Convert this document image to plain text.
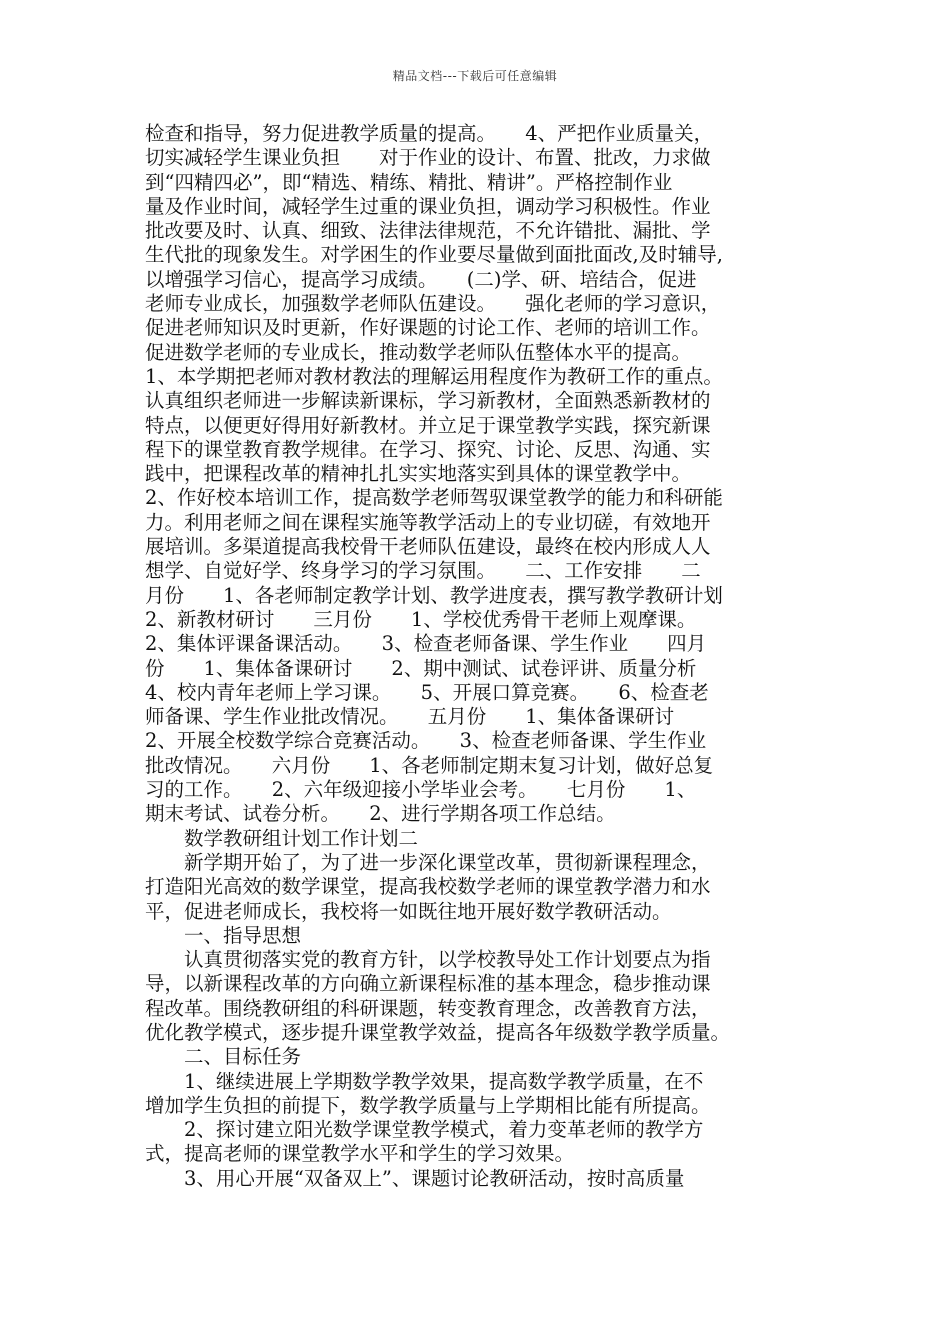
精品文档---下载后可任意编辑
检查和指导，努力促进教学质量的提高。　　4、严把作业质量关，
切实减轻学生课业负担　　对于作业的设计、布置、批改，力求做
到“四精四必”，即“精选、精练、精批、精讲”。严格控制作业
量及作业时间，减轻学生过重的课业负担，调动学习积极性。作业
批改要及时、认真、细致、法律法律规范，不允许错批、漏批、学
生代批的现象发生。对学困生的作业要尽量做到面批面改,及时辅导,
以增强学习信心，提高学习成绩。　　(二)学、研、培结合，促进
老师专业成长，加强数学老师队伍建设。　　强化老师的学习意识，
促进老师知识及时更新，作好课题的讨论工作、老师的培训工作。
促进数学老师的专业成长，推动数学老师队伍整体水平的提高。
1、本学期把老师对教材教法的理解运用程度作为教研工作的重点。
认真组织老师进一步解读新课标，学习新教材，全面熟悉新教材的
特点，以便更好得用好新教材。并立足于课堂教学实践，探究新课
程下的课堂教育教学规律。在学习、探究、讨论、反思、沟通、实
践中，把课程改革的精神扎扎实实地落实到具体的课堂教学中。
2、作好校本培训工作，提高数学老师驾驭课堂教学的能力和科研能
力。利用老师之间在课程实施等教学活动上的专业切磋，有效地开
展培训。多渠道提高我校骨干老师队伍建设，最终在校内形成人人
想学、自觉好学、终身学习的学习氛围。　　二、工作安排　　二
月份　　1、各老师制定教学计划、教学进度表，撰写教学教研计划
2、新教材研讨　　三月份　　1、学校优秀骨干老师上观摩课。
2、集体评课备课活动。　　3、检查老师备课、学生作业　　四月
份　　1、集体备课研讨　　2、期中测试、试卷评讲、质量分析
4、校内青年老师上学习课。　　5、开展口算竞赛。　　6、检查老
师备课、学生作业批改情况。　　五月份　　1、集体备课研讨
2、开展全校数学综合竞赛活动。　　3、检查老师备课、学生作业
批改情况。　　六月份　　1、各老师制定期末复习计划，做好总复
习的工作。　　2、六年级迎接小学毕业会考。　　七月份　　1、
期末考试、试卷分析。　　2、进行学期各项工作总结。
　　数学教研组计划工作计划二
　　新学期开始了，为了进一步深化课堂改革，贯彻新课程理念，
打造阳光高效的数学课堂，提高我校数学老师的课堂教学潜力和水
平，促进老师成长，我校将一如既往地开展好数学教研活动。
　　一、指导思想
　　认真贯彻落实党的教育方针，以学校教导处工作计划要点为指
导，以新课程改革的方向确立新课程标准的基本理念，稳步推动课
程改革。围绕教研组的科研课题，转变教育理念，改善教育方法，
优化教学模式，逐步提升课堂教学效益，提高各年级数学教学质量。
　　二、目标任务
　　1、继续进展上学期数学教学效果，提高数学教学质量，在不
增加学生负担的前提下，数学教学质量与上学期相比能有所提高。
　　2、探讨建立阳光数学课堂教学模式，着力变革老师的教学方
式，提高老师的课堂教学水平和学生的学习效果。
　　3、用心开展“双备双上”、课题讨论教研活动，按时高质量
